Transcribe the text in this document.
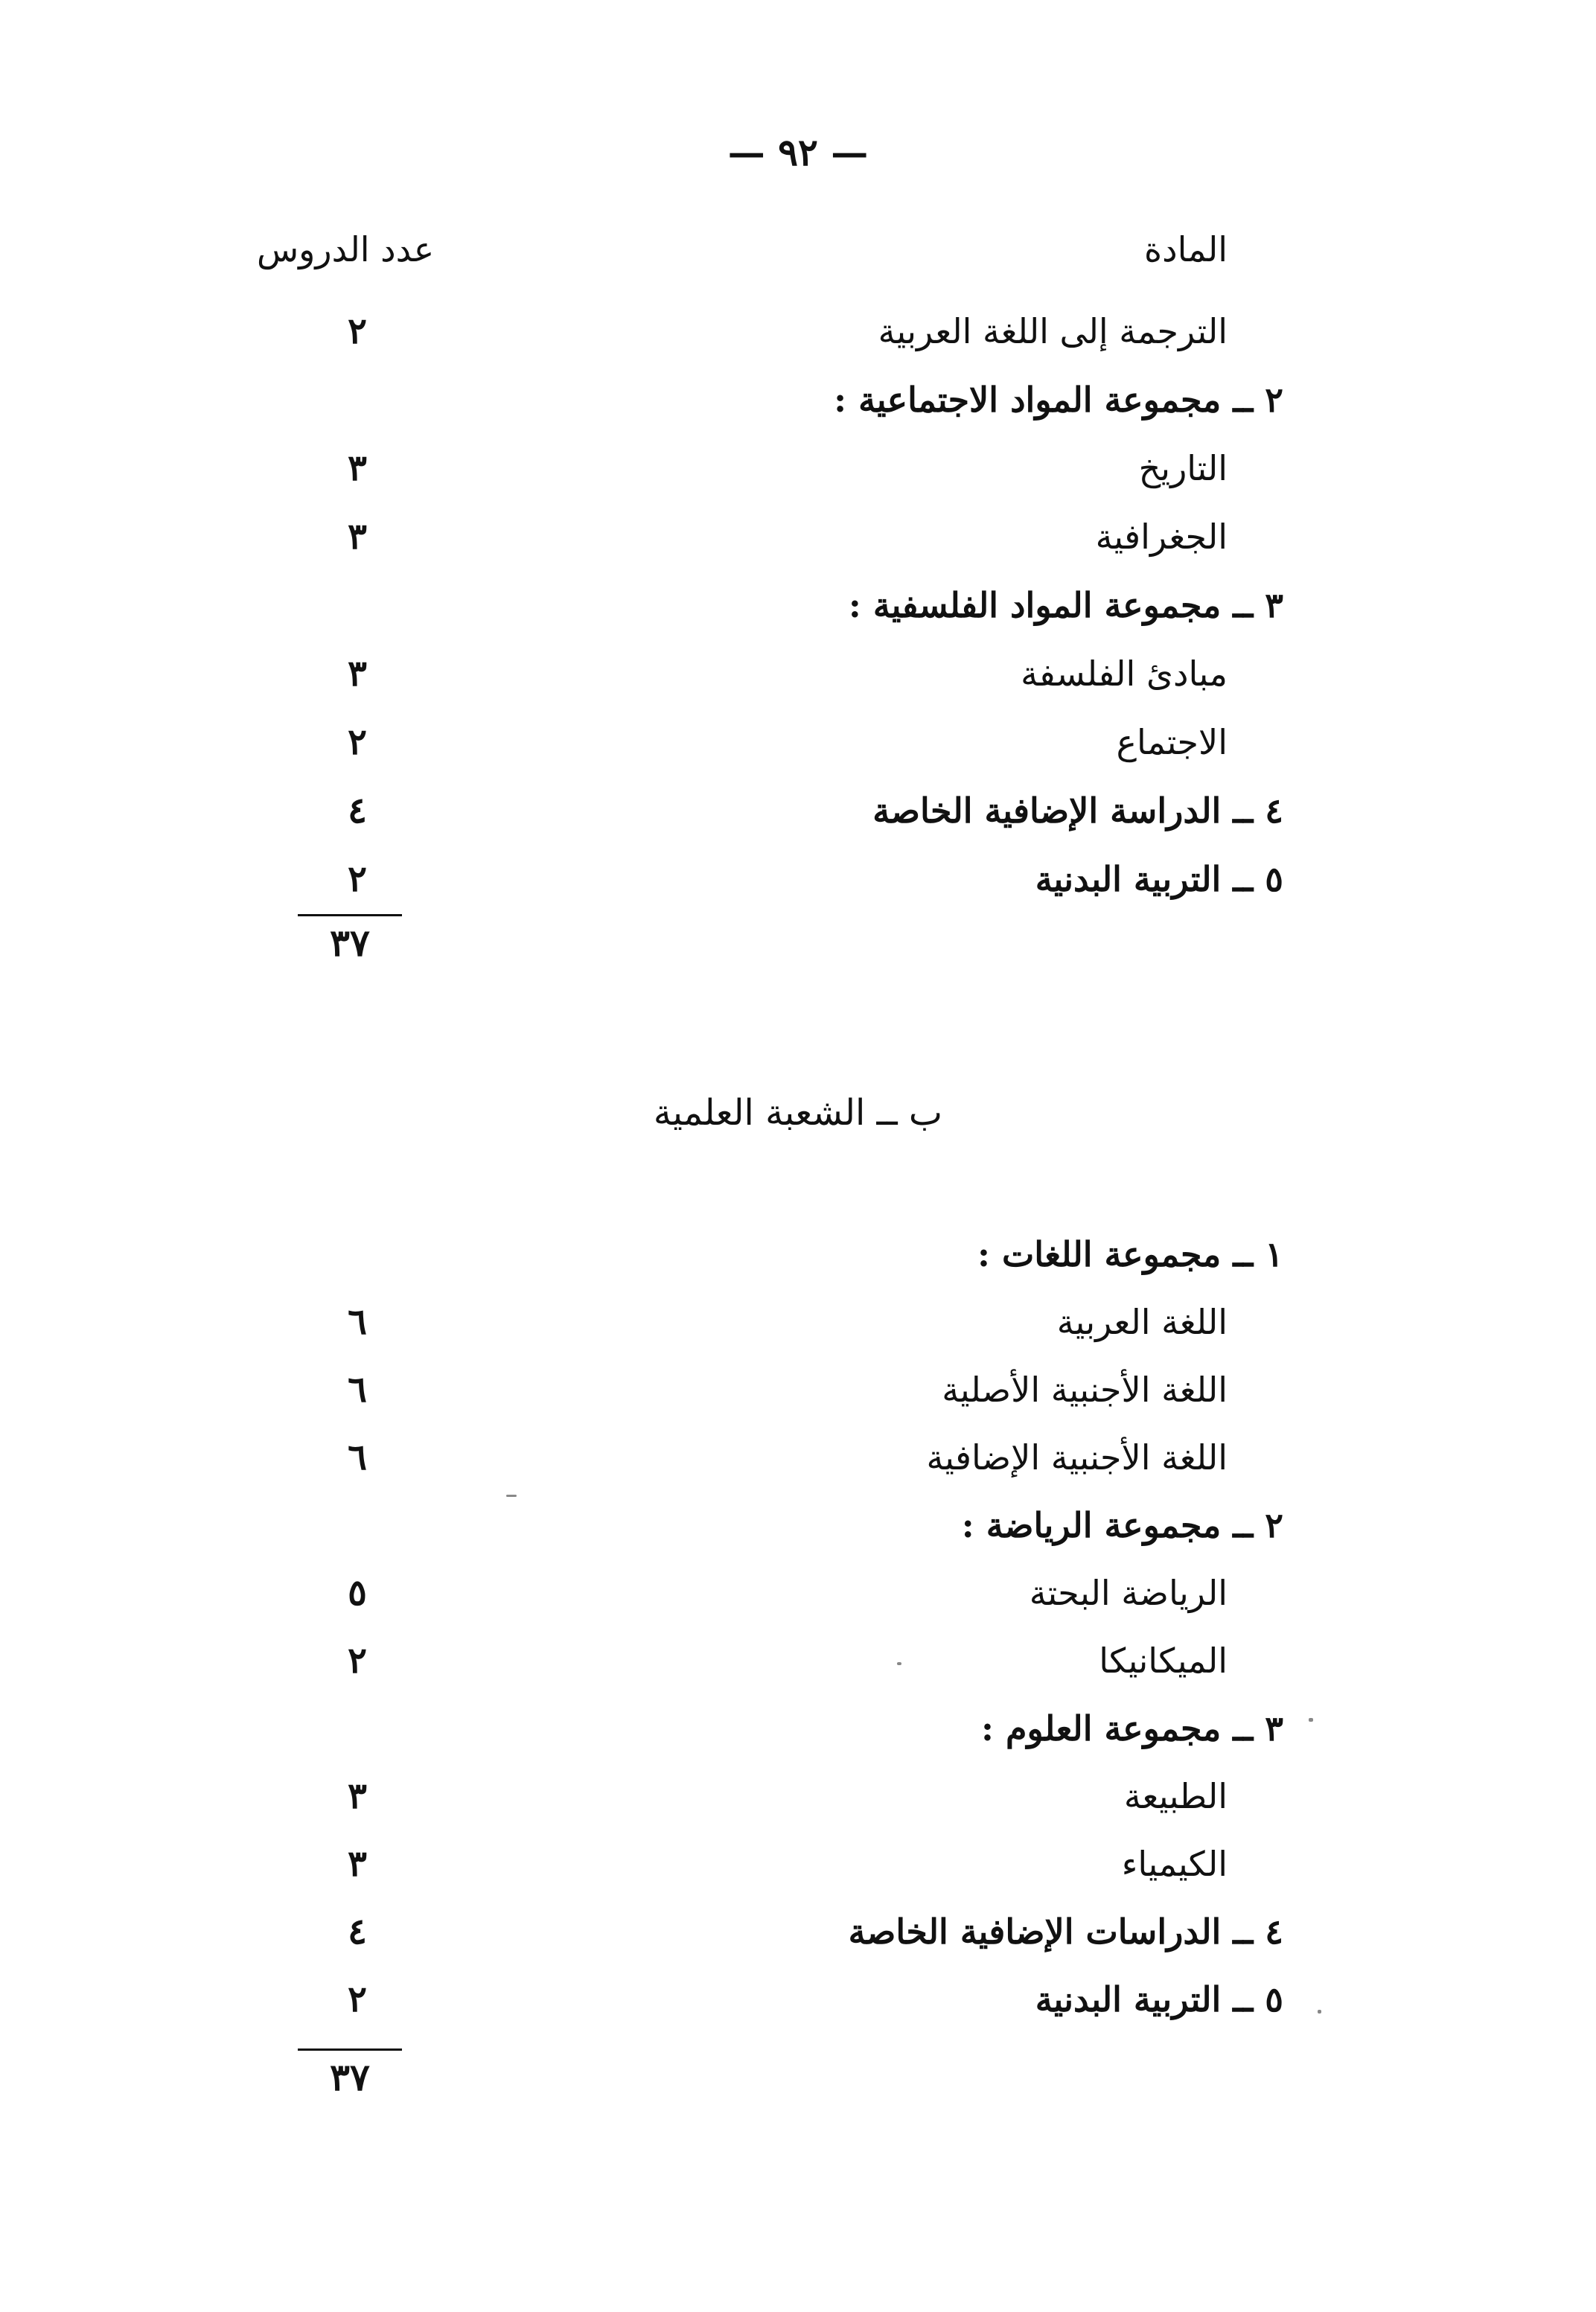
— ٩٢ —
المادة
عدد الدروس
الترجمة إلى اللغة العربية
٢
٢ ــ مجموعة المواد الاجتماعية :
التاريخ
٣
الجغرافية
٣
٣ ــ مجموعة المواد الفلسفية :
مبادئ الفلسفة
٣
الاجتماع
٢
٤ ــ الدراسة الإضافية الخاصة
٤
٥ ــ التربية البدنية
٢
٣٧
ب ــ الشعبة العلمية
١ ــ مجموعة اللغات :
اللغة العربية
٦
اللغة الأجنبية الأصلية
٦
اللغة الأجنبية الإضافية
٦
٢ ــ مجموعة الرياضة :
الرياضة البحتة
٥
الميكانيكا
٢
٣ ــ مجموعة العلوم :
الطبيعة
٣
الكيمياء
٣
٤ ــ الدراسات الإضافية الخاصة
٤
٥ ــ التربية البدنية
٢
٣٧
